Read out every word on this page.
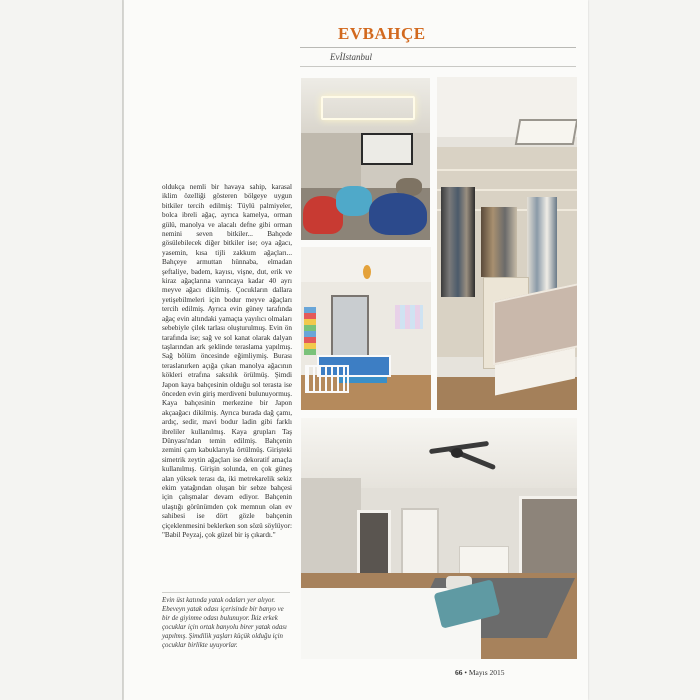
EVBAHÇE
EvİIstanbul

oldukça nemli bir havaya sahip, karasal iklim özelliği gösteren bölgeye uygun bitkiler tercih edilmiş: Tüylü palmiyeler, bolca ibreli ağaç, ayrıca kamelya, orman gülü, manolya ve alacalı defne gibi orman nemini seven bitkiler... Bahçede gösülebilecek diğer bitkiler ise; oya ağacı, yasemin, kısa tijli zakkum ağaçları... Bahçeye armuttan hünnaba, elmadan şeftaliye, badem, kayısı, vişne, dut, erik ve kiraz ağaçlarına varıncaya kadar 40 ayrı meyve ağacı dikilmiş. Çocukların dallara yetişebilmeleri için bodur meyve ağaçları tercih edilmiş. Ayrıca evin güney tarafında ağaç evin altındaki yamaçta yayılıcı olmaları sebebiyle çilek tarlası oluşturulmuş. Evin ön tarafında ise; sağ ve sol kanat olarak dalyan taşlarından ark şeklinde teraslama yapılmış. Sağ bölüm öncesinde eğimliymiş. Burası teraslanırken açığa çıkan manolya ağacının kökleri etrafına saksılık örülmüş. Şimdi Japon kaya bahçesinin olduğu sol terasta ise önceden evin giriş merdiveni bulunuyormuş. Kaya bahçesinin merkezine bir Japon akçaağacı dikilmiş. Ayrıca burada dağ çamı, ardıç, sedir, mavi bodur ladin gibi farklı ibreliler kullanılmış. Kaya grupları Taş Dünyası'ndan temin edilmiş. Bahçenin zemini çam kabuklarıyla örtülmüş. Girişteki simetrik zeytin ağaçları ise dekoratif amaçla kullanılmış. Girişin solunda, en çok güneş alan yüksek terası da, iki metrekarelik sekiz ekim yatağından oluşan bir sebze bahçesi için çalışmalar devam ediyor. Bahçenin ulaştığı görünümden çok memnun olan ev sahibesi ise dört gözle bahçenin çiçeklenmesini beklerken son sözü söylüyor: "Babil Peyzaj, çok güzel bir iş çıkardı."

Evin üst katında yatak odaları yer alıyor. Ebeveyn yatak odası içerisinde bir banyo ve bir de giyinme odası bulunuyor. İkiz erkek çocuklar için ortak banyolu birer yatak odası yapılmış. Şimdilik yaşları küçük olduğu için çocuklar birlikte uyuyorlar.
66 • Mayıs 2015
